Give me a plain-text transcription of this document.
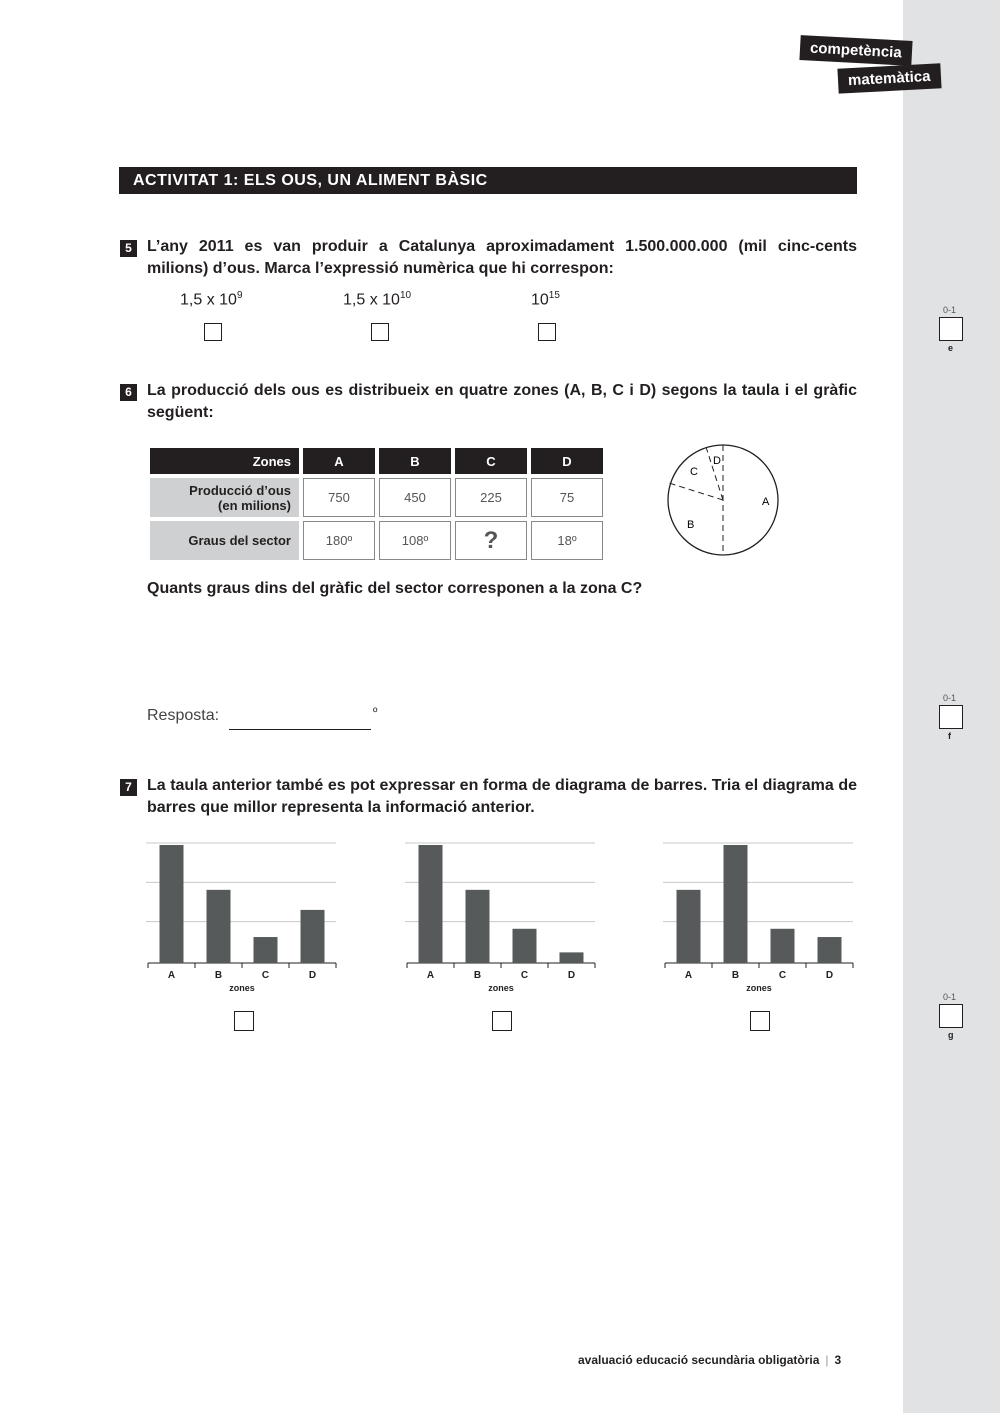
competència
matemàtica
ACTIVITAT 1: ELS OUS, UN ALIMENT BÀSIC
5 L’any 2011 es van produir a Catalunya aproximadament 1.500.000.000 (mil cinc-cents milions) d’ous. Marca l’expressió numèrica que hi correspon:
1,5 x $10^9$	1,5 x $10^{10}$	$10^{15}$
6 La producció dels ous es distribueix en quatre zones (A, B, C i D) segons la taula i el gràfic següent:
Zones	A	B	C	D
Producció d’ous
(en milions)	750	450	225	75
Graus del sector	180º	108º	?	18º
A
B
C
D
Quants graus dins del gràfic del sector corresponen a la zona C?
Resposta:	º
7 La taula anterior també es pot expressar en forma de diagrama de barres. Tria el diagrama de barres que millor representa la informació anterior.
A	B	C	D
zones
A	B	C	D
zones
A	B	C	D
zones
0-1
e
0-1
f
0-1
g
avaluació educació secundària obligatòria | 3
